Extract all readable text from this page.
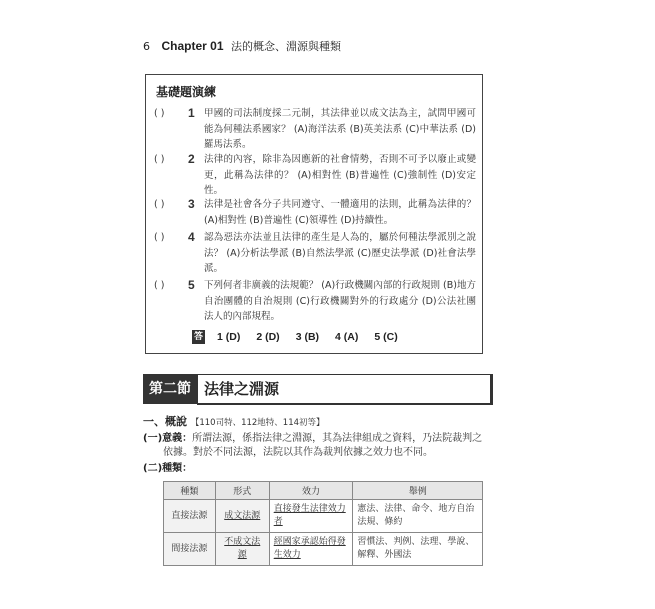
6 Chapter 01 法的概念、淵源與種類
基礎題演練
( )	1 甲國的司法制度採二元制，其法律並以成文法為主，試問甲國可能為何種法系國家？ (A)海洋法系 (B)英美法系 (C)中華法系 (D)羅馬法系。
( )	2 法律的內容，除非為因應新的社會情勢，否則不可予以廢止或變更，此稱為法律的？ (A)相對性 (B)普遍性 (C)強制性 (D)安定性。
( )	3 法律是社會各分子共同遵守、一體適用的法則，此稱為法律的？ (A)相對性 (B)普遍性 (C)領導性 (D)持續性。
( )	4 認為惡法亦法並且法律的產生是人為的，屬於何種法學派別之說法？ (A)分析法學派 (B)自然法學派 (C)歷史法學派 (D)社會法學派。
( )	5 下列何者非廣義的法規範？ (A)行政機關內部的行政規則 (B)地方自治團體的自治規則 (C)行政機關對外的行政處分 (D)公法社團法人的內部規程。
答 1 (D) 2 (D) 3 (B) 4 (A) 5 (C)
第二節 法律之淵源
一、概說 【110司特、112地特、114初等】
(一)意義：所謂法源，係指法律之淵源，其為法律組成之資料，乃法院裁判之
依據。對於不同法源，法院以其作為裁判依據之效力也不同。
(二)種類：
種類	形式	效力	舉例
直接法源	成文法源	直接發生法律效力者	憲法、法律、命令、地方自治法規、條約
間接法源	不成文法源	經國家承認始得發生效力	習慣法、判例、法理、學說、解釋、外國法
